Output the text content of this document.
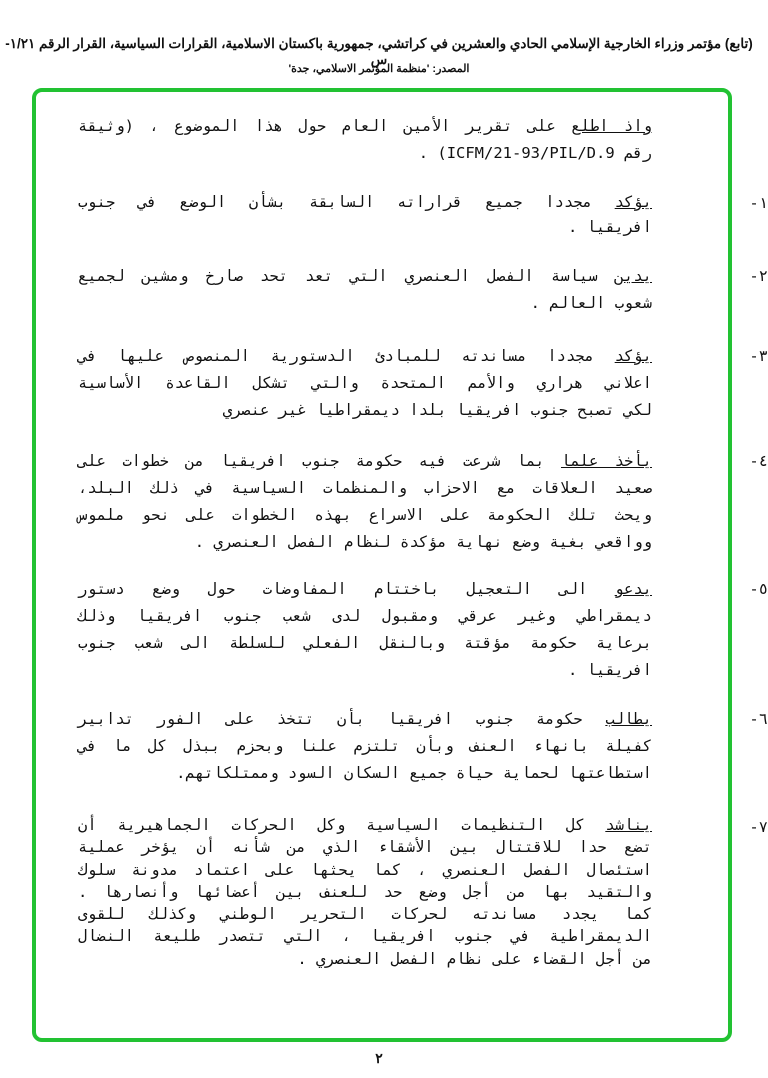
(تابع) مؤتمر وزراء الخارجية الإسلامي الحادي والعشرين في كراتشي، جمهورية باكستان الاسلامية، القرارات السياسية، القرار الرقم ١/٢١-س
المصدر: 'منظمة المؤتمر الاسلامي، جدة'
واذ اطلع على تقرير الأمين العام حول هذا الموضوع ، (وثيقة
رقم ICFM/21-93/PIL/D.9) .
١-
يؤكد مجددا جميع قراراته السابقة بشأن الوضع في جنوب
افريقيا .
٢-
يدين سياسة الفصل العنصري التي تعد تحد صارخ ومشين لجميع
شعوب العالم .
٣-
يؤكد مجددا مساندته للمبادئ الدستورية المنصوص عليها في
اعلاني هراري والأمم المتحدة والتي تشكل القاعدة الأساسية
لكي تصبح جنوب افريقيا بلدا ديمقراطيا غير عنصري
٤-
يأخذ علما بما شرعت فيه حكومة جنوب افريقيا من خطوات على
صعيد العلاقات مع الاحزاب والمنظمات السياسية في ذلك البلد،
ويحث تلك الحكومة على الاسراع بهذه الخطوات على نحو ملموس
وواقعي بغية وضع نهاية مؤكدة لنظام الفصل العنصري .
٥-
يدعو الى التعجيل باختتام المفاوضات حول وضع دستور
ديمقراطي وغير عرقي ومقبول لدى شعب جنوب افريقيا وذلك
برعاية حكومة مؤقتة وبالنقل الفعلي للسلطة الى شعب جنوب
افريقيا .
٦-
يطالب حكومة جنوب افريقيا بأن تتخذ على الفور تدابير
كفيلة بانهاء العنف وبأن تلتزم علنا وبحزم ببذل كل ما في
استطاعتها لحماية حياة جميع السكان السود وممتلكاتهم.
٧-
يناشد كل التنظيمات السياسية وكل الحركات الجماهيرية أن
تضع حدا للاقتتال بين الأشقاء الذي من شأنه أن يؤخر عملية
استئصال الفصل العنصري ، كما يحثها على اعتماد مدونة سلوك
والتقيد بها من أجل وضع حد للعنف بين أعضائها وأنصارها .
كما يجدد مساندته لحركات التحرير الوطني وكذلك للقوى
الديمقراطية في جنوب افريقيا ، التي تتصدر طليعة النضال
من أجل القضاء على نظام الفصل العنصري .
٢
